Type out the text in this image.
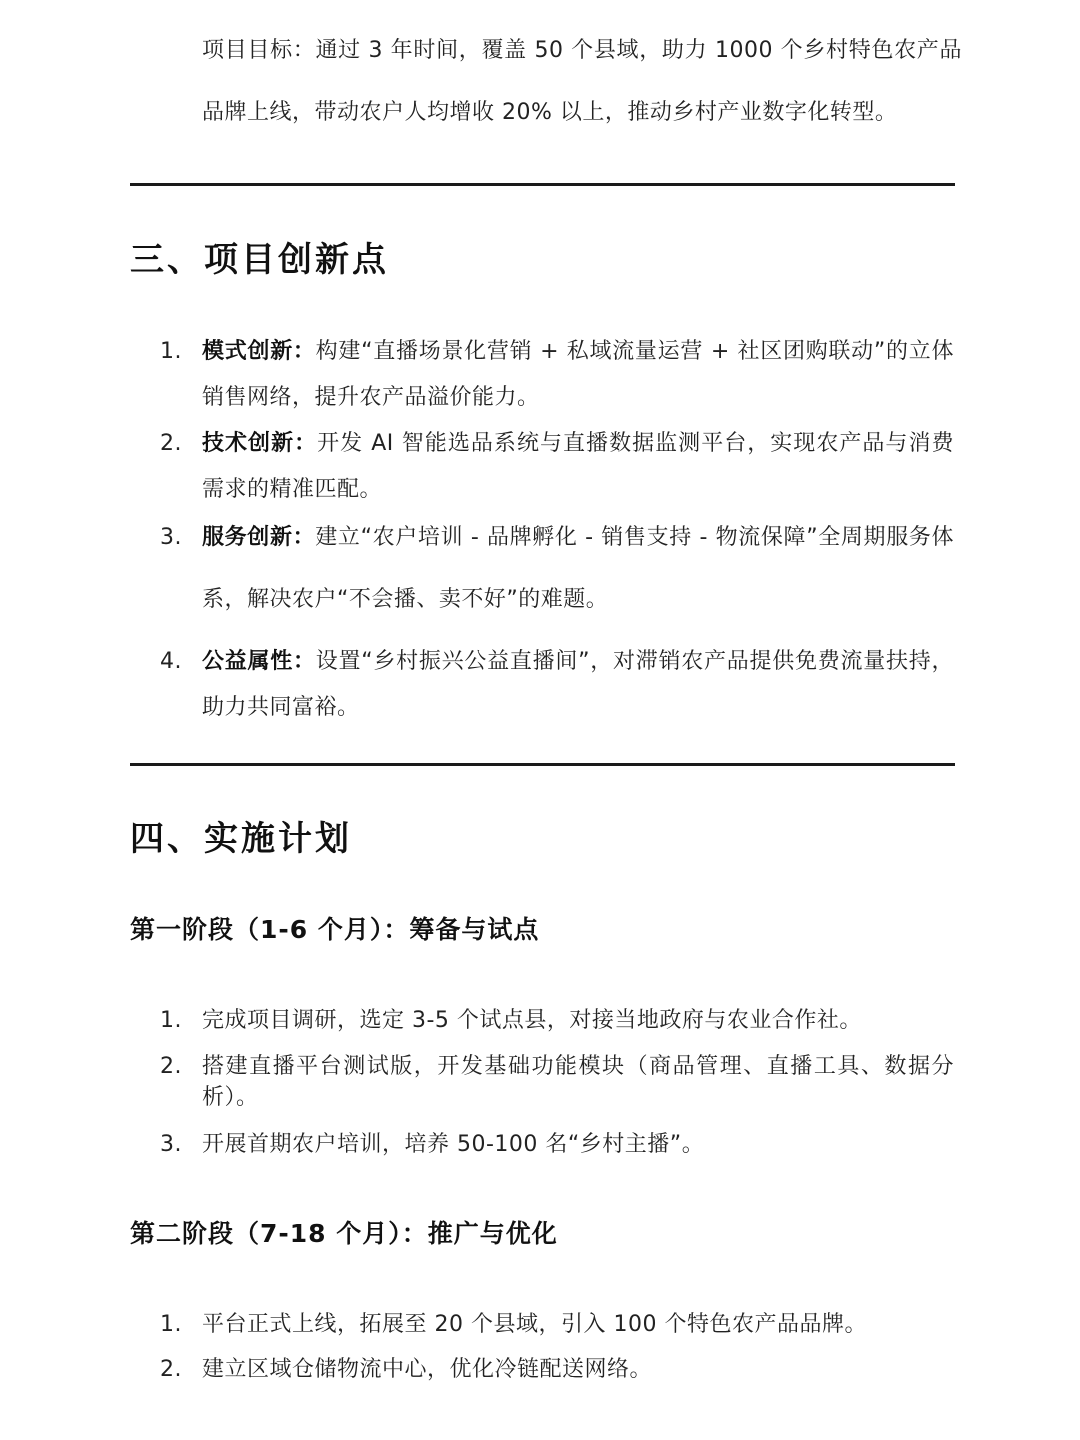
项目目标：通过 3 年时间，覆盖 50 个县域，助力 1000 个乡村特色农产品品牌上线，带动农户人均增收 20% 以上，推动乡村产业数字化转型。

三、项目创新点
1. 模式创新：构建“直播场景化营销 + 私域流量运营 + 社区团购联动”的立体销售网络，提升农产品溢价能力。
2. 技术创新：开发 AI 智能选品系统与直播数据监测平台，实现农产品与消费需求的精准匹配。
3. 服务创新：建立“农户培训 - 品牌孵化 - 销售支持 - 物流保障”全周期服务体系，解决农户“不会播、卖不好”的难题。
4. 公益属性：设置“乡村振兴公益直播间”，对滞销农产品提供免费流量扶持，助力共同富裕。
四、实施计划
第一阶段（1-6 个月）：筹备与试点
1. 完成项目调研，选定 3-5 个试点县，对接当地政府与农业合作社。
2. 搭建直播平台测试版，开发基础功能模块（商品管理、直播工具、数据分析）。
3. 开展首期农户培训，培养 50-100 名“乡村主播”。
第二阶段（7-18 个月）：推广与优化
1. 平台正式上线，拓展至 20 个县域，引入 100 个特色农产品品牌。
2. 建立区域仓储物流中心，优化冷链配送网络。
